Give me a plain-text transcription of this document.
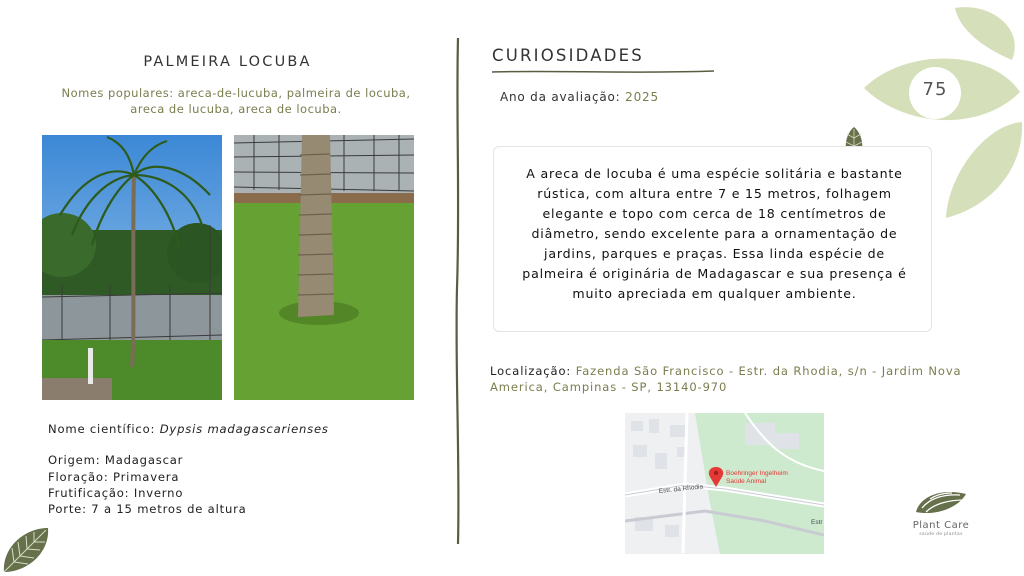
75
PALMEIRA LOCUBA
Nomes populares: areca-de-lucuba, palmeira de locuba,
areca de lucuba, areca de locuba.
Nome científico: Dypsis madagascarienses
Origem: Madagascar
Floração: Primavera
Frutificação: Inverno
Porte: 7 a 15 metros de altura
CURIOSIDADES
Ano da avaliação: 2025
A areca de locuba é uma espécie solitária e bastante rústica, com altura entre 7 e 15 metros, folhagem elegante e topo com cerca de 18 centímetros de diâmetro, sendo excelente para a ornamentação de jardins, parques e praças. Essa linda espécie de palmeira é originária de Madagascar e sua presença é muito apreciada em qualquer ambiente.
Localização: Fazenda São Francisco - Estr. da Rhodia, s/n - Jardim Nova America, Campinas - SP, 13140-970
Estr. da Rhodia
Estr
Boehringer Ingelheim
Saúde Animal
Plant Care
saúde de plantas
